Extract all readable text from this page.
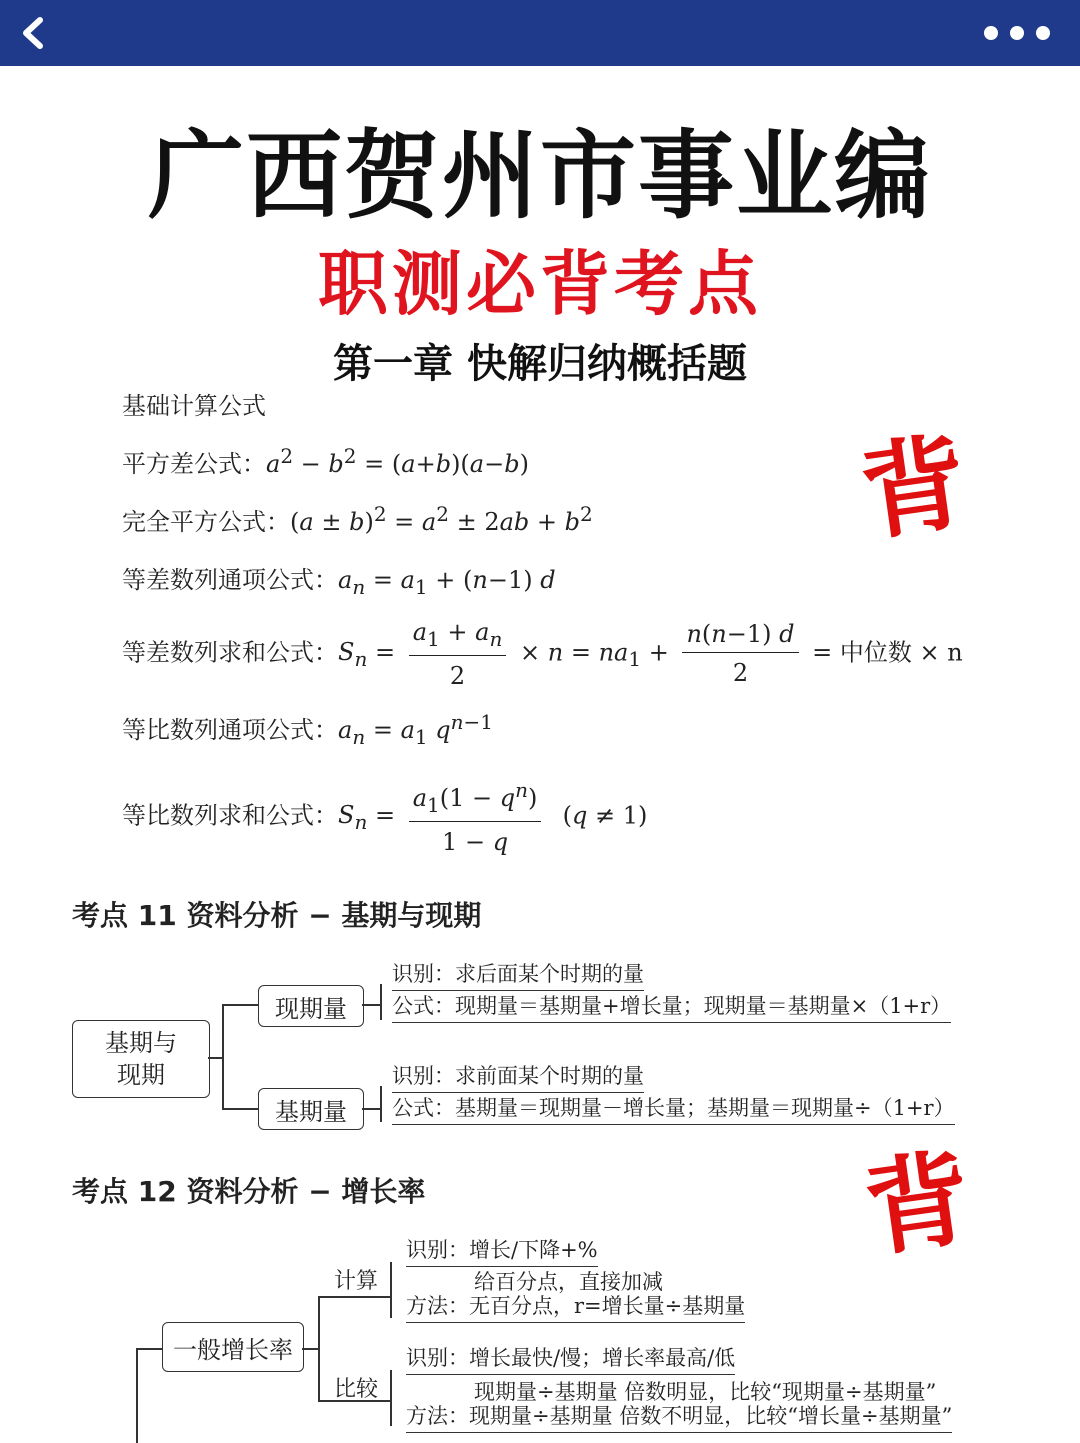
广西贺州市事业编
职测必背考点
第一章 快解归纳概括题
背
背
基础计算公式
平方差公式：$a^2 - b^2 = (a+b)(a-b)$
完全平方公式：$(a \pm b)^2 = a^2 \pm 2ab + b^2$
等差数列通项公式：$a_n = a_1 + (n-1)$ d
等差数列求和公式：$S_n = \frac{a_1 + a_n}{2} \times n = na_1 + \frac{n(n-1) d}{2}$ = 中位数 × n
等比数列通项公式：$a_n = a_1$ $q^{n-1}$
等比数列求和公式：$S_n = \frac{a_1(1 - q^n)}{1 - q} (q \ne 1)$
考点 11 资料分析 − 基期与现期
基期与
现期
现期量
识别：求后面某个时期的量
公式：现期量＝基期量+增长量；现期量＝基期量×（1+r）
基期量
识别：求前面某个时期的量
公式：基期量＝现期量－增长量；基期量＝现期量÷（1+r）
考点 12 资料分析 − 增长率
一般增长率
计算
识别：增长/下降+%
给百分点，直接加减
方法：无百分点，r=增长量÷基期量
比较
识别：增长最快/慢；增长率最高/低
现期量÷基期量 倍数明显，比较“现期量÷基期量”
方法：现期量÷基期量 倍数不明显，比较“增长量÷基期量”
